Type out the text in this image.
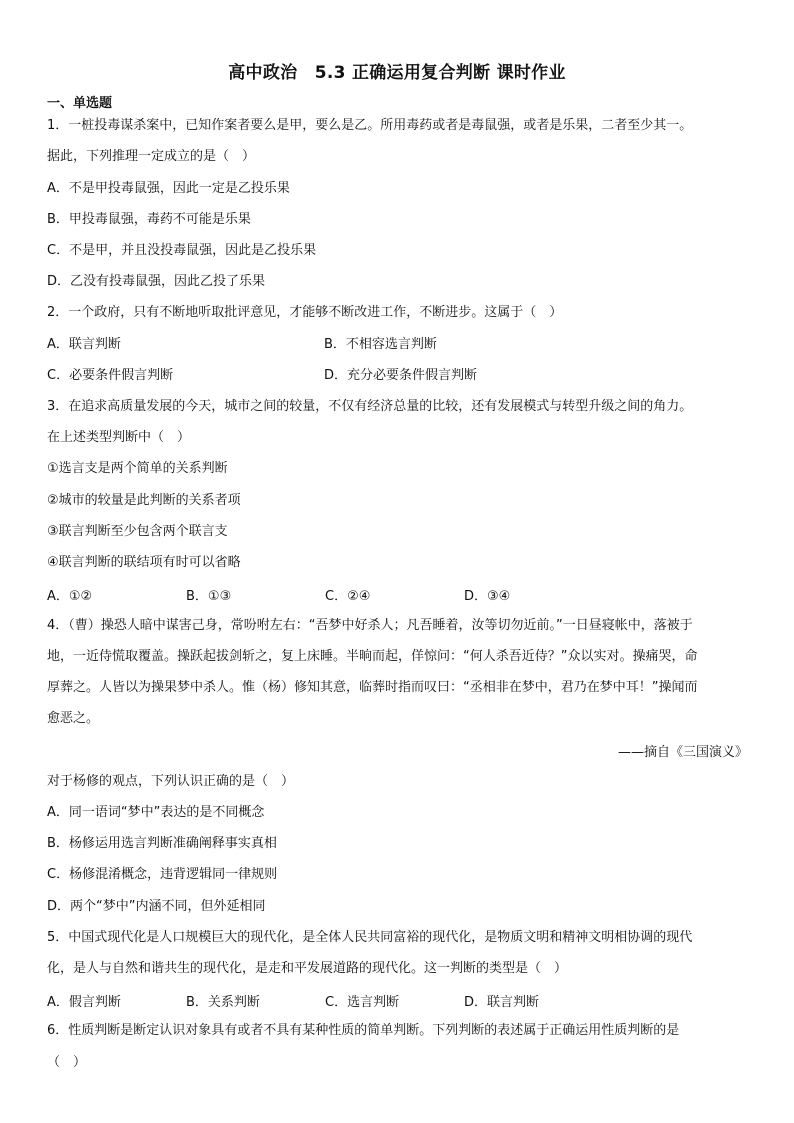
高中政治　5.3 正确运用复合判断 课时作业
一、单选题
1．一桩投毒谋杀案中，已知作案者要么是甲，要么是乙。所用毒药或者是毒鼠强，或者是乐果，二者至少其一。
据此，下列推理一定成立的是（　）
A．不是甲投毒鼠强，因此一定是乙投乐果
B．甲投毒鼠强，毒药不可能是乐果
C．不是甲，并且没投毒鼠强，因此是乙投乐果
D．乙没有投毒鼠强，因此乙投了乐果
2．一个政府，只有不断地听取批评意见，才能够不断改进工作，不断进步。这属于（　）
A．联言判断	B．不相容选言判断
C．必要条件假言判断	D．充分必要条件假言判断
3．在追求高质量发展的今天，城市之间的较量，不仅有经济总量的比较，还有发展模式与转型升级之间的角力。
在上述类型判断中（　）
①选言支是两个简单的关系判断
②城市的较量是此判断的关系者项
③联言判断至少包含两个联言支
④联言判断的联结项有时可以省略
A．①②	B．①③	C．②④	D．③④
4．（曹）操恐人暗中谋害己身，常吩咐左右：“吾梦中好杀人；凡吾睡着，汝等切勿近前。”一日昼寝帐中，落被于
地，一近侍慌取覆盖。操跃起拔剑斩之，复上床睡。半晌而起，佯惊问：“何人杀吾近侍？”众以实对。操痛哭，命
厚葬之。人皆以为操果梦中杀人。惟（杨）修知其意，临葬时指而叹曰：“丞相非在梦中，君乃在梦中耳！”操闻而
愈恶之。
——摘自《三国演义》
对于杨修的观点，下列认识正确的是（　）
A．同一语词“梦中”表达的是不同概念
B．杨修运用选言判断准确阐释事实真相
C．杨修混淆概念，违背逻辑同一律规则
D．两个“梦中”内涵不同，但外延相同
5．中国式现代化是人口规模巨大的现代化，是全体人民共同富裕的现代化，是物质文明和精神文明相协调的现代
化，是人与自然和谐共生的现代化，是走和平发展道路的现代化。这一判断的类型是（　）
A．假言判断	B．关系判断	C．选言判断	D．联言判断
6．性质判断是断定认识对象具有或者不具有某种性质的简单判断。下列判断的表述属于正确运用性质判断的是
（　）
